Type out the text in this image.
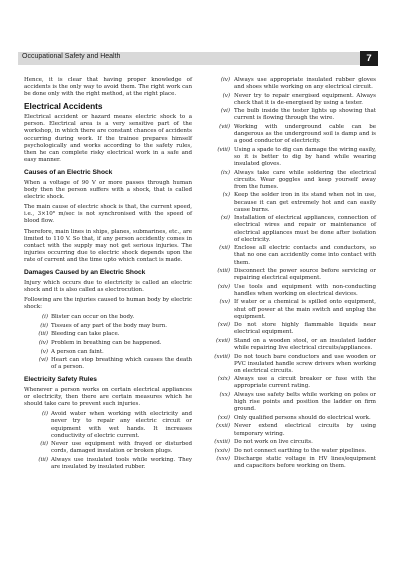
Occupational Safety and Health	7

Hence, it is clear that having proper knowledge of accidents is the only way to avoid them. The right work can be done only with the right method, at the right place.

Electrical Accidents

Electrical accident or hazard means electric shock to a person. Electrical area is a very sensitive part of the workshop, in which there are constant chances of accidents occurring during work. If the trainee prepares himself psychologically and works according to the safety rules, then he can complete risky electrical work in a safe and easy manner.

Causes of an Electric Shock

When a voltage of 90 V or more passes through human body then the person suffers with a shock, that is called electric shock.

The main cause of electric shock is that, the current speed, i.e., 3×10⁸ m/sec is not synchronised with the speed of blood flow.

Therefore, main lines in ships, planes, submarines, etc., are limited to 110 V. So that, if any person accidently comes in contact with the supply may not get serious injuries. The injuries occurring due to electric shock depends upon the rate of current and the time upto which contact is made.

Damages Caused by an Electric Shock

Injury which occurs due to electricity is called an electric shock and it is also called as electrocution.

Following are the injuries caused to human body by electric shock:

(i) Blister can occur on the body.
(ii) Tissues of any part of the body may burn.
(iii) Bleeding can take place.
(iv) Problem in breathing can be happened.
(v) A person can faint.
(vi) Heart can stop breathing which causes the death of a person.
Electricity Safety Rules

Whenever a person works on certain electrical appliances or electricity, then there are certain measures which he should take care to prevent such injuries.

(i) Avoid water when working with electricity and never try to repair any electric circuit or equipment with wet hands. It increases conductivity of electric current.
(ii) Never use equipment with frayed or disturbed cords, damaged insulation or broken plugs.
(iii) Always use insulated tools while working. They are insulated by insulated rubber.
(iv) Always use appropriate insulated rubber gloves and shoes while working on any electrical circuit.
(v) Never try to repair energised equipment. Always check that it is de-energised by using a tester.
(vi) The bulb inside the tester lights up showing that current is flowing through the wire.
(vii) Working with underground cable can be dangerous as the underground soil is damp and is a good conductor of electricity.
(viii) Using a spade to dig can damage the wiring easily, so it is better to dig by hand while wearing insulated gloves.
(ix) Always take care while soldering the electrical circuits. Wear goggles and keep yourself away from the fumes.
(x) Keep the solder iron in its stand when not in use, because it can get extremely hot and can easily cause burns.
(xi) Installation of electrical appliances, connection of electrical wires and repair or maintenance of electrical appliances must be done after isolation of electricity.
(xii) Enclose all electric contacts and conductors, so that no one can accidently come into contact with them.
(xiii) Disconnect the power source before servicing or repairing electrical equipment.
(xiv) Use tools and equipment with non-conducting handles when working on electrical devices.
(xv) If water or a chemical is spilled onto equipment, shut off power at the main switch and unplug the equipment.
(xvi) Do not store highly flammable liquids near electrical equipment.
(xvii) Stand on a wooden stool, or an insulated ladder while repairing live electrical circuits/appliances.
(xviii) Do not touch bare conductors and use wooden or PVC insulated handle screw drivers when working on electrical circuits.
(xix) Always use a circuit breaker or fuse with the appropriate current rating.
(xx) Always use safety belts while working on poles or high rise points and position the ladder on firm ground.
(xxi) Only qualified persons should do electrical work.
(xxii) Never extend electrical circuits by using temporary wiring.
(xxiii) Do not work on live circuits.
(xxiv) Do not connect earthing to the water pipelines.
(xxv) Discharge static voltage in HV lines/equipment and capacitors before working on them.
